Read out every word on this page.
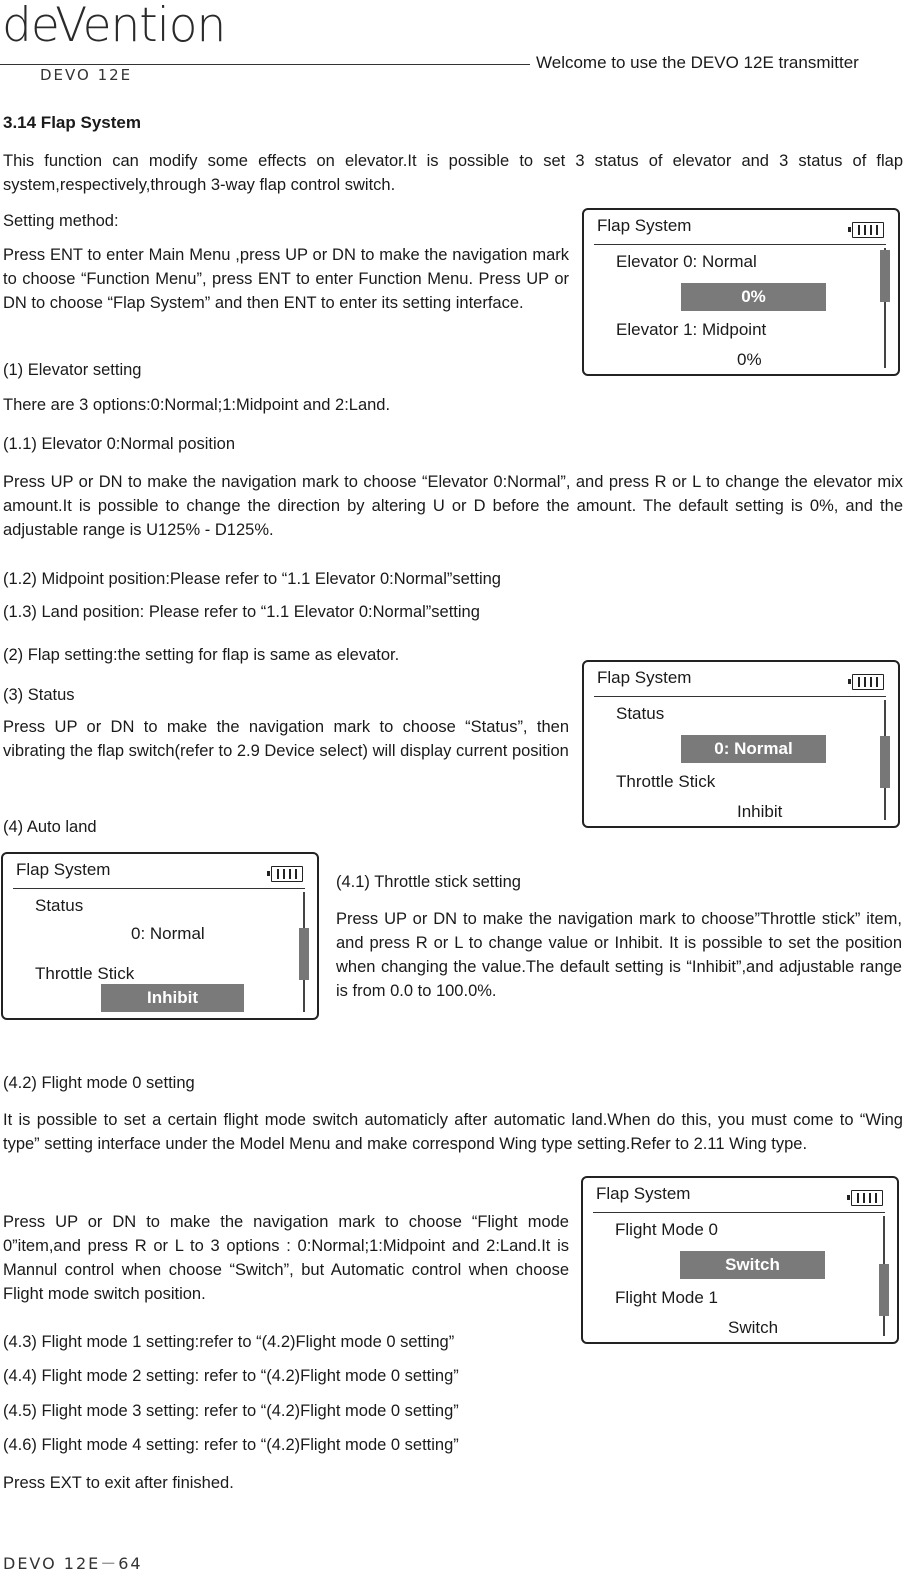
deVention
DEVO 12E
Welcome to use the DEVO 12E transmitter
3.14 Flap System

This function can modify some effects on elevator.It is possible to set 3 status of elevator and 3 status of flap system,respectively,through 3-way flap control switch.

Setting method:

Press ENT to enter Main Menu ,press UP or DN to make the navigation mark to choose “Function Menu”, press ENT to enter Function Menu. Press UP or DN to choose “Flap System” and then ENT to enter its setting interface.

(1) Elevator setting

There are 3 options:0:Normal;1:Midpoint and 2:Land.

(1.1) Elevator 0:Normal position

Press UP or DN to make the navigation mark to choose “Elevator 0:Normal”, and press R or L to change the elevator mix amount.It is possible to change the direction by altering U or D before the amount. The default setting is 0%, and the adjustable range is U125% - D125%.

(1.2) Midpoint position:Please refer to “1.1 Elevator 0:Normal”setting

(1.3) Land position: Please refer to “1.1 Elevator 0:Normal”setting

(2) Flap setting:the setting for flap is same as elevator.

(3) Status

Press UP or DN to make the navigation mark to choose “Status”, then vibrating the flap switch(refer to 2.9 Device select) will display current position

(4) Auto land

(4.1) Throttle stick setting

Press UP or DN to make the navigation mark to choose”Throttle stick” item, and press R or L to change value or Inhibit. It is possible to set the position when changing the value.The default setting is “Inhibit”,and adjustable range is from 0.0 to 100.0%.

(4.2) Flight mode 0 setting

It is possible to set a certain flight mode switch automaticly after automatic land.When do this, you must come to “Wing type” setting interface under the Model Menu and make correspond Wing type setting.Refer to 2.11 Wing type.

Press UP or DN to make the navigation mark to choose “Flight mode 0”item,and press R or L to 3 options : 0:Normal;1:Midpoint and 2:Land.It is Mannul control when choose “Switch”, but Automatic control when choose Flight mode switch position.

(4.3) Flight mode 1 setting:refer to “(4.2)Flight mode 0 setting”

(4.4) Flight mode 2 setting: refer to “(4.2)Flight mode 0 setting”

(4.5) Flight mode 3 setting: refer to “(4.2)Flight mode 0 setting”

(4.6) Flight mode 4 setting: refer to “(4.2)Flight mode 0 setting”

Press EXT to exit after finished.

Flap System
Elevator 0: Normal
0%
Elevator 1: Midpoint
0%
Flap System
Status
0: Normal
Throttle Stick
Inhibit
Flap System
Status
0: Normal
Throttle Stick
Inhibit
Flap System
Flight Mode 0
Switch
Flight Mode 1
Switch
DEVO 12E－64
